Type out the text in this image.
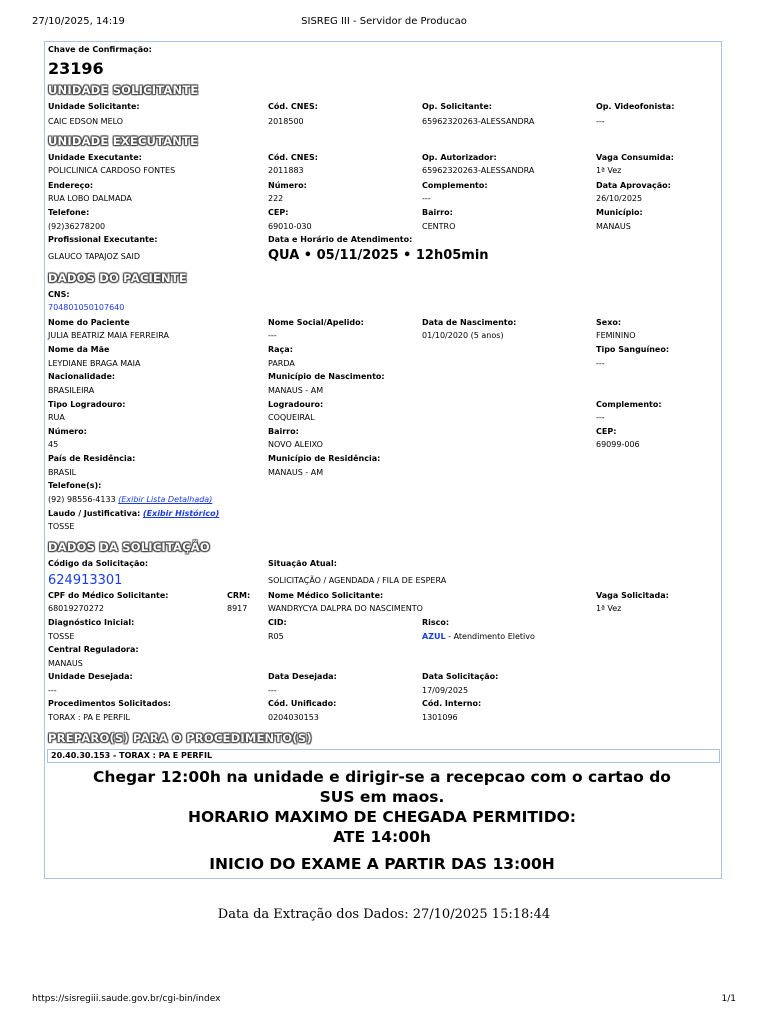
27/10/2025, 14:19	SISREG III - Servidor de Producao
Chave de Confirmação:
23196
UNIDADE SOLICITANTE
Unidade Solicitante:
CAIC EDSON MELO
Cód. CNES:
2018500
Op. Solicitante:
65962320263-ALESSANDRA
Op. Videofonista:
---
UNIDADE EXECUTANTE
Unidade Executante:
POLICLINICA CARDOSO FONTES
Cód. CNES:
2011883
Op. Autorizador:
65962320263-ALESSANDRA
Vaga Consumida:
1ª Vez
Endereço:
RUA LOBO DALMADA
Número:
222
Complemento:
---
Data Aprovação:
26/10/2025
Telefone:
(92)36278200
CEP:
69010-030
Bairro:
CENTRO
Município:
MANAUS
Profissional Executante:
GLAUCO TAPAJOZ SAID
Data e Horário de Atendimento:
QUA • 05/11/2025 • 12h05min
DADOS DO PACIENTE
CNS:
704801050107640
Nome do Paciente
JULIA BEATRIZ MAIA FERREIRA
Nome Social/Apelido:
---
Data de Nascimento:
01/10/2020 (5 anos)
Sexo:
FEMININO
Nome da Mãe
LEYDIANE BRAGA MAIA
Raça:
PARDA
Tipo Sanguíneo:
---
Nacionalidade:
BRASILEIRA
Município de Nascimento:
MANAUS - AM
Tipo Logradouro:
RUA
Logradouro:
COQUEIRAL
Complemento:
---
Número:
45
Bairro:
NOVO ALEIXO
CEP:
69099-006
País de Residência:
BRASIL
Município de Residência:
MANAUS - AM
Telefone(s):
(92) 98556-4133 (Exibir Lista Detalhada)
Laudo / Justificativa: (Exibir Histórico)
TOSSE
DADOS DA SOLICITAÇÃO
Código da Solicitação:
624913301
Situação Atual:
SOLICITAÇÃO / AGENDADA / FILA DE ESPERA
CPF do Médico Solicitante:
68019270272
CRM:
8917
Nome Médico Solicitante:
WANDRYCYA DALPRA DO NASCIMENTO
Vaga Solicitada:
1ª Vez
Diagnóstico Inicial:
TOSSE
CID:
R05
Risco:
AZUL - Atendimento Eletivo
Central Reguladora:
MANAUS
Unidade Desejada:
---
Data Desejada:
---
Data Solicitação:
17/09/2025
Procedimentos Solicitados:
TORAX : PA E PERFIL
Cód. Unificado:
0204030153
Cód. Interno:
1301096
PREPARO(S) PARA O PROCEDIMENTO(S)
20.40.30.153 - TORAX : PA E PERFIL
Chegar 12:00h na unidade e dirigir-se a recepcao com o cartao do
SUS em maos.
HORARIO MAXIMO DE CHEGADA PERMITIDO:
ATE 14:00h
INICIO DO EXAME A PARTIR DAS 13:00H
Data da Extração dos Dados: 27/10/2025 15:18:44
https://sisregiii.saude.gov.br/cgi-bin/index	1/1
